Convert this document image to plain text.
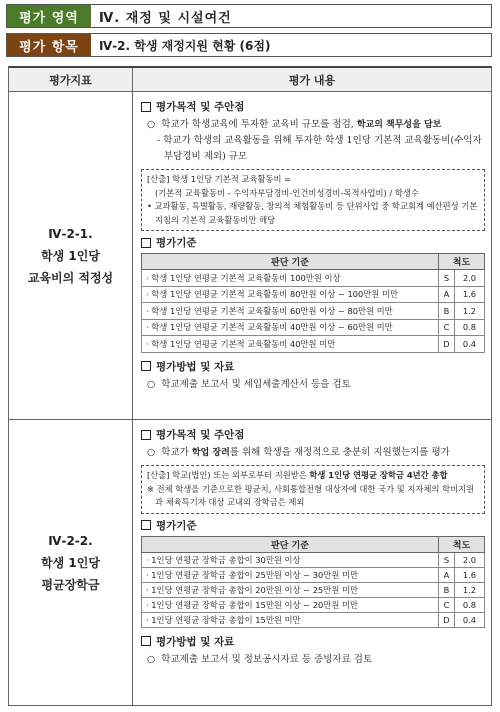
평가 영역	Ⅳ. 재정 및 시설여건
평가 항목	Ⅳ-2. 학생 재정지원 현황 (6점)
평가지표	평가 내용
Ⅳ-2-1.
학생 1인당
교육비의 적정성
평가목적 및 주안점
○ 학교가 학생교육에 투자한 교육비 규모를 점검, 학교의 책무성을 담보
- 학교가 학생의 교육활동을 위해 투자한 학생 1인당 기본적 교육활동비(수익자부담경비 제외) 규모
[산출] 학생 1인당 기본적 교육활동비 =
(기본적 교육활동비 - 수익자부담경비-인건비성경비-목적사업비) / 학생수
• 교과활동, 특별활동, 재량활동, 창의적 체험활동비 등 단위사업 중 학교회계 예산편성 기본지침의 기본적 교육활동비만 해당
평가기준
판단 기준	척도	
· 학생 1인당 연평균 기본적 교육활동비 100만원 이상	S	2.0
· 학생 1인당 연평균 기본적 교육활동비 80만원 이상 ~ 100만원 미만	A	1.6
· 학생 1인당 연평균 기본적 교육활동비 60만원 이상 ~ 80만원 미만	B	1.2
· 학생 1인당 연평균 기본적 교육활동비 40만원 이상 ~ 60만원 미만	C	0.8
· 학생 1인당 연평균 기본적 교육활동비 40만원 미만	D	0.4
평가방법 및 자료
○ 학교제출 보고서 및 세입세출계산서 등을 검토
Ⅳ-2-2.
학생 1인당
평균장학금
평가목적 및 주안점
○ 학교가 학업 장려를 위해 학생을 재정적으로 충분히 지원했는지를 평가
[산출] 학교(법인) 또는 외부로부터 지원받은 학생 1인당 연평균 장학금 4년간 총합
※ 전체 학생을 기준으로한 평균치, 사회통합전형 대상자에 대한 국가 및 지자체의 학비지원과 체육특기자 대상 교내외 장학금은 제외
평가기준
판단 기준	척도	
· 1인당 연평균 장학금 총합이 30만원 이상	S	2.0
· 1인당 연평균 장학금 총합이 25만원 이상 ~ 30만원 미만	A	1.6
· 1인당 연평균 장학금 총합이 20만원 이상 ~ 25만원 미만	B	1.2
· 1인당 연평균 장학금 총합이 15만원 이상 ~ 20만원 미만	C	0.8
· 1인당 연평균 장학금 총합이 15만원 미만	D	0.4
평가방법 및 자료
○ 학교제출 보고서 및 정보공시자료 등 증빙자료 검토
